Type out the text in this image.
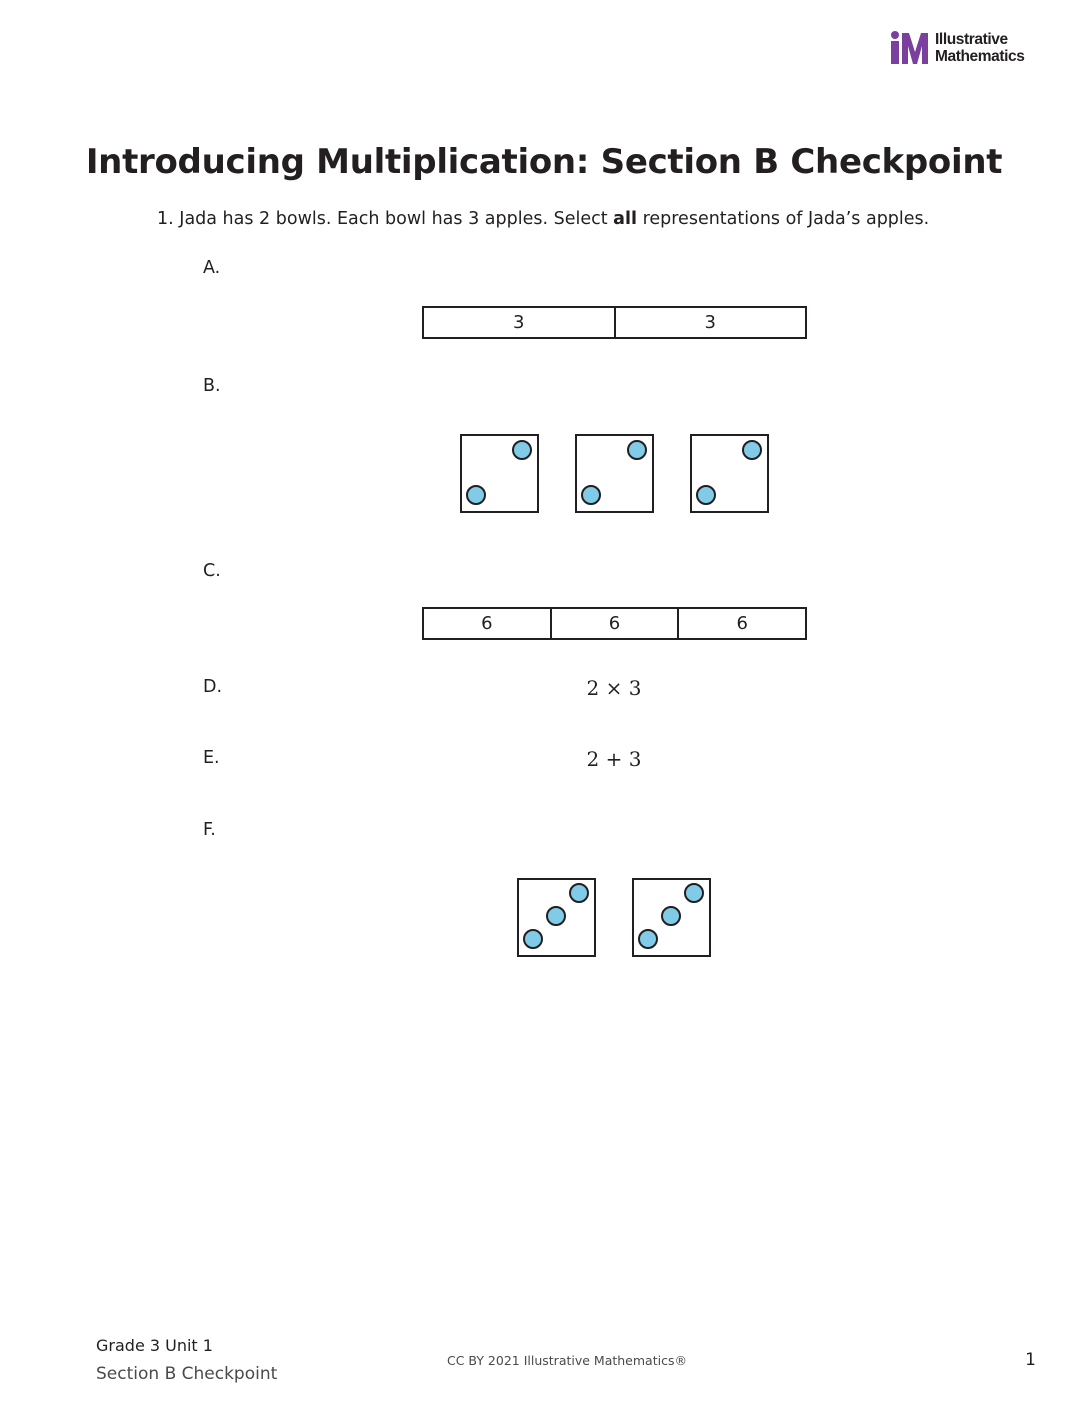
Illustrative
Mathematics
Introducing Multiplication: Section B Checkpoint
1. Jada has 2 bowls. Each bowl has 3 apples. Select all representations of Jada’s apples.
A.
3	3
B.
C.
6	6	6
D.	2 × 3
E.	2 + 3
F.
Grade 3 Unit 1
Section B Checkpoint
CC BY 2021 Illustrative Mathematics®	1
